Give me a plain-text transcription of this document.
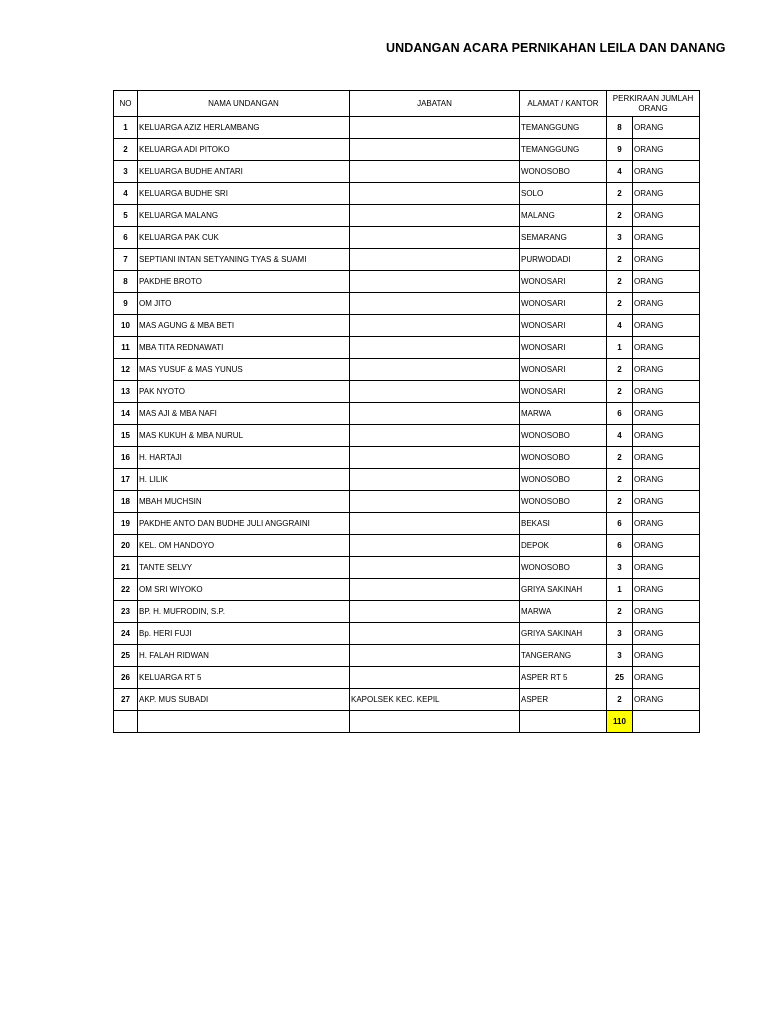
UNDANGAN ACARA PERNIKAHAN LEILA DAN DANANG
NO	NAMA UNDANGAN	JABATAN	ALAMAT / KANTOR	PERKIRAAN JUMLAH ORANG	
1	KELUARGA AZIZ HERLAMBANG		TEMANGGUNG	8	ORANG
2	KELUARGA ADI PITOKO		TEMANGGUNG	9	ORANG
3	KELUARGA BUDHE ANTARI		WONOSOBO	4	ORANG
4	KELUARGA BUDHE SRI		SOLO	2	ORANG
5	KELUARGA MALANG		MALANG	2	ORANG
6	KELUARGA PAK CUK		SEMARANG	3	ORANG
7	SEPTIANI INTAN SETYANING TYAS & SUAMI		PURWODADI	2	ORANG
8	PAKDHE BROTO		WONOSARI	2	ORANG
9	OM JITO		WONOSARI	2	ORANG
10	MAS AGUNG & MBA BETI		WONOSARI	4	ORANG
11	MBA TITA REDNAWATI		WONOSARI	1	ORANG
12	MAS YUSUF & MAS YUNUS		WONOSARI	2	ORANG
13	PAK NYOTO		WONOSARI	2	ORANG
14	MAS AJI & MBA NAFI		MARWA	6	ORANG
15	MAS KUKUH & MBA NURUL		WONOSOBO	4	ORANG
16	H. HARTAJI		WONOSOBO	2	ORANG
17	H. LILIK		WONOSOBO	2	ORANG
18	MBAH MUCHSIN		WONOSOBO	2	ORANG
19	PAKDHE ANTO DAN BUDHE JULI ANGGRAINI		BEKASI	6	ORANG
20	KEL. OM HANDOYO		DEPOK	6	ORANG
21	TANTE SELVY		WONOSOBO	3	ORANG
22	OM SRI WIYOKO		GRIYA SAKINAH	1	ORANG
23	BP. H. MUFRODIN, S.P.		MARWA	2	ORANG
24	Bp. HERI FUJI		GRIYA SAKINAH	3	ORANG
25	H. FALAH RIDWAN		TANGERANG	3	ORANG
26	KELUARGA RT 5		ASPER RT 5	25	ORANG
27	AKP. MUS SUBADI	KAPOLSEK KEC. KEPIL	ASPER	2	ORANG
				110	
